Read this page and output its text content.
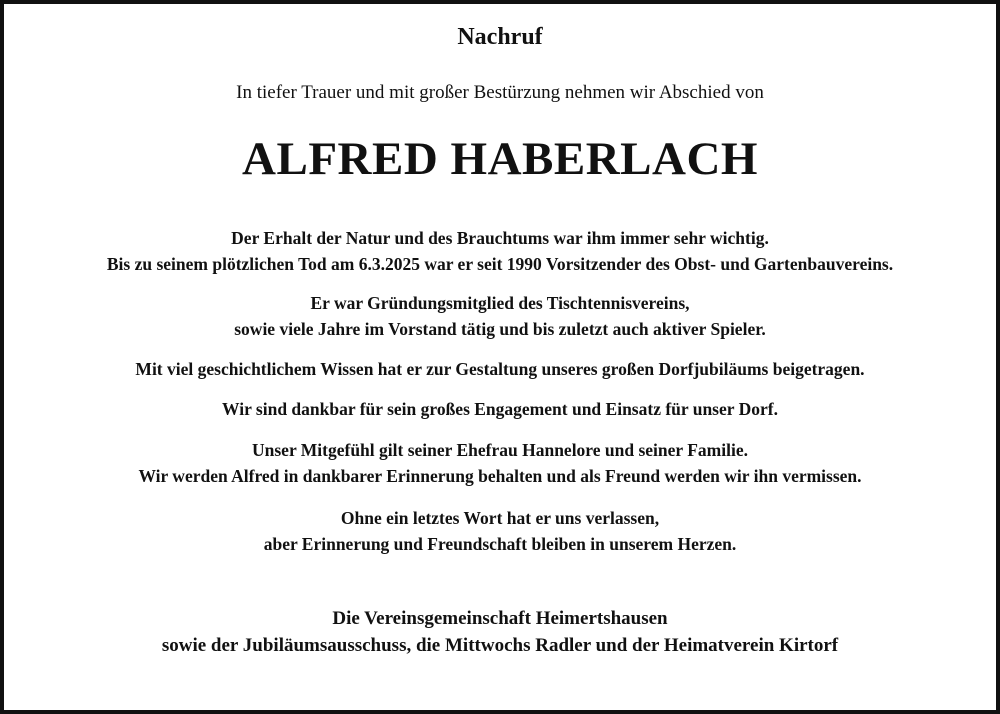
Nachruf

In tiefer Trauer und mit großer Bestürzung nehmen wir Abschied von

ALFRED HABERLACH

Der Erhalt der Natur und des Brauchtums war ihm immer sehr wichtig.

Bis zu seinem plötzlichen Tod am 6.3.2025 war er seit 1990 Vorsitzender des Obst- und Gartenbauvereins.

Er war Gründungsmitglied des Tischtennisvereins,

sowie viele Jahre im Vorstand tätig und bis zuletzt auch aktiver Spieler.

Mit viel geschichtlichem Wissen hat er zur Gestaltung unseres großen Dorfjubiläums beigetragen.

Wir sind dankbar für sein großes Engagement und Einsatz für unser Dorf.

Unser Mitgefühl gilt seiner Ehefrau Hannelore und seiner Familie.

Wir werden Alfred in dankbarer Erinnerung behalten und als Freund werden wir ihn vermissen.

Ohne ein letztes Wort hat er uns verlassen,

aber Erinnerung und Freundschaft bleiben in unserem Herzen.

Die Vereinsgemeinschaft Heimertshausen

sowie der Jubiläumsausschuss, die Mittwochs Radler und der Heimatverein Kirtorf
